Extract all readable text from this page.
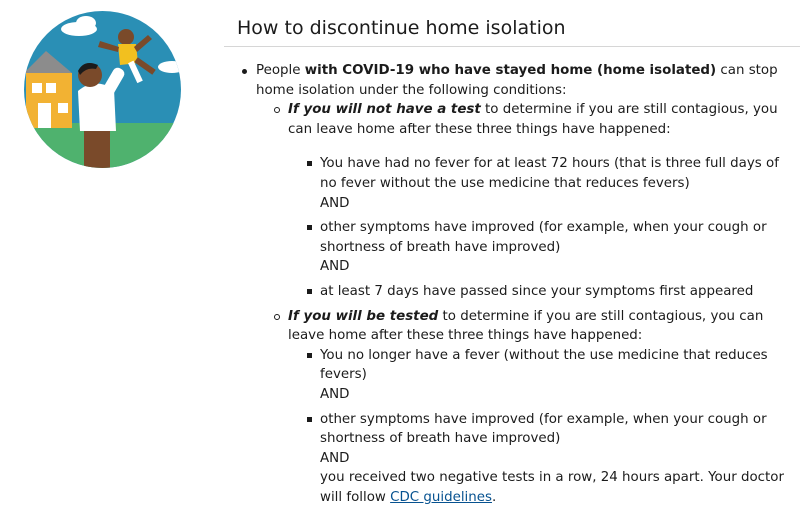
How to discontinue home isolation
People with COVID-19 who have stayed home (home isolated) can stop home isolation under the following conditions:
If you will not have a test to determine if you are still contagious, you can leave home after these three things have happened:
You have had no fever for at least 72 hours (that is three full days of no fever without the use medicine that reduces fevers)
AND
other symptoms have improved (for example, when your cough or shortness of breath have improved)
AND
at least 7 days have passed since your symptoms first appeared
If you will be tested to determine if you are still contagious, you can leave home after these three things have happened:
You no longer have a fever (without the use medicine that reduces fevers)
AND
other symptoms have improved (for example, when your cough or shortness of breath have improved)
AND
you received two negative tests in a row, 24 hours apart. Your doctor will follow CDC guidelines.
